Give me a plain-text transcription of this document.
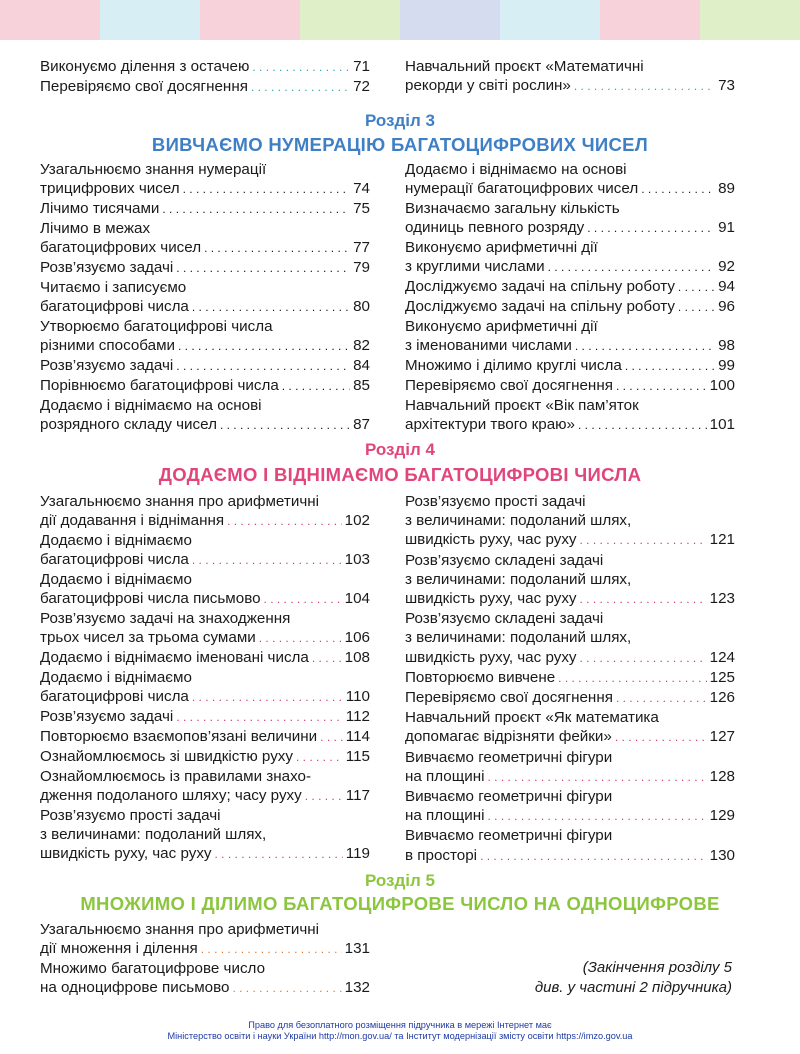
Виконуємо ділення з остачею . . .	71
Перевіряємо свої досягнення . . .	72
Навчальний проєкт «Математичні
рекорди у світі рослин» . . .	73
Розділ 3
ВИВЧАЄМО НУМЕРАЦІЮ БАГАТОЦИФРОВИХ ЧИСЕЛ
Узагальнюємо знання нумерації
трицифрових чисел . . .	74
Лічимо тисячами . . .	75
Лічимо в межах
багатоцифрових чисел . . .	77
Розв’язуємо задачі . . .	79
Читаємо і записуємо
багатоцифрові числа . . .	80
Утворюємо багатоцифрові числа
різними способами . . .	82
Розв’язуємо задачі . . .	84
Порівнюємо багатоцифрові числа . . .	85
Додаємо і віднімаємо на основі
розрядного складу чисел . . .	87
Додаємо і віднімаємо на основі
нумерації багатоцифрових чисел . . .	89
Визначаємо загальну кількість
одиниць певного розряду . . .	91
Виконуємо арифметичні дії
з круглими числами . . .	92
Досліджуємо задачі на спільну роботу . . .	94
Досліджуємо задачі на спільну роботу . . .	96
Виконуємо арифметичні дії
з іменованими числами . . .	98
Множимо і ділимо круглі числа . . .	99
Перевіряємо свої досягнення . . .	100
Навчальний проєкт «Вік пам’яток
архітектури твого краю» . . .	101
Розділ 4
ДОДАЄМО І ВІДНІМАЄМО БАГАТОЦИФРОВІ ЧИСЛА
Узагальнюємо знання про арифметичні
дії додавання і віднімання . . .	102
Додаємо і віднімаємо
багатоцифрові числа . . .	103
Додаємо і віднімаємо
багатоцифрові числа письмово . . .	104
Розв’язуємо задачі на знаходження
трьох чисел за трьома сумами . . .	106
Додаємо і віднімаємо іменовані числа . . . 108
Додаємо і віднімаємо
багатоцифрові числа . . .	110
Розв’язуємо задачі . . .	112
Повторюємо взаємопов’язані величини . . . 114
Ознайомлюємось зі швидкістю руху . . .	115
Ознайомлюємось із правилами знахо-
дження подоланого шляху; часу руху . . .	117
Розв’язуємо прості задачі
з величинами: подоланий шлях,
швидкість руху, час руху . . .	119
Розв’язуємо прості задачі
з величинами: подоланий шлях,
швидкість руху, час руху . . .	121
Розв’язуємо складені задачі
з величинами: подоланий шлях,
швидкість руху, час руху . . .	123
Розв’язуємо складені задачі
з величинами: подоланий шлях,
швидкість руху, час руху . . .	124
Повторюємо вивчене . . .	125
Перевіряємо свої досягнення . . .	126
Навчальний проєкт «Як математика
допомагає відрізняти фейки» . . .	127
Вивчаємо геометричні фігури
на площині . . .	128
Вивчаємо геометричні фігури
на площині . . .	129
Вивчаємо геометричні фігури
в просторі . . .	130
Розділ 5
МНОЖИМО І ДІЛИМО БАГАТОЦИФРОВЕ ЧИСЛО НА ОДНОЦИФРОВЕ
Узагальнюємо знання про арифметичні
дії множення і ділення . . .	131
Множимо багатоцифрове число
на одноцифрове письмово . . .	132
(Закінчення розділу 5
див. у частині 2 підручника)
Право для безоплатного розміщення підручника в мережі Інтернет має
Міністерство освіти і науки України http://mon.gov.ua/ та Інститут модернізації змісту освіти https://imzo.gov.ua
